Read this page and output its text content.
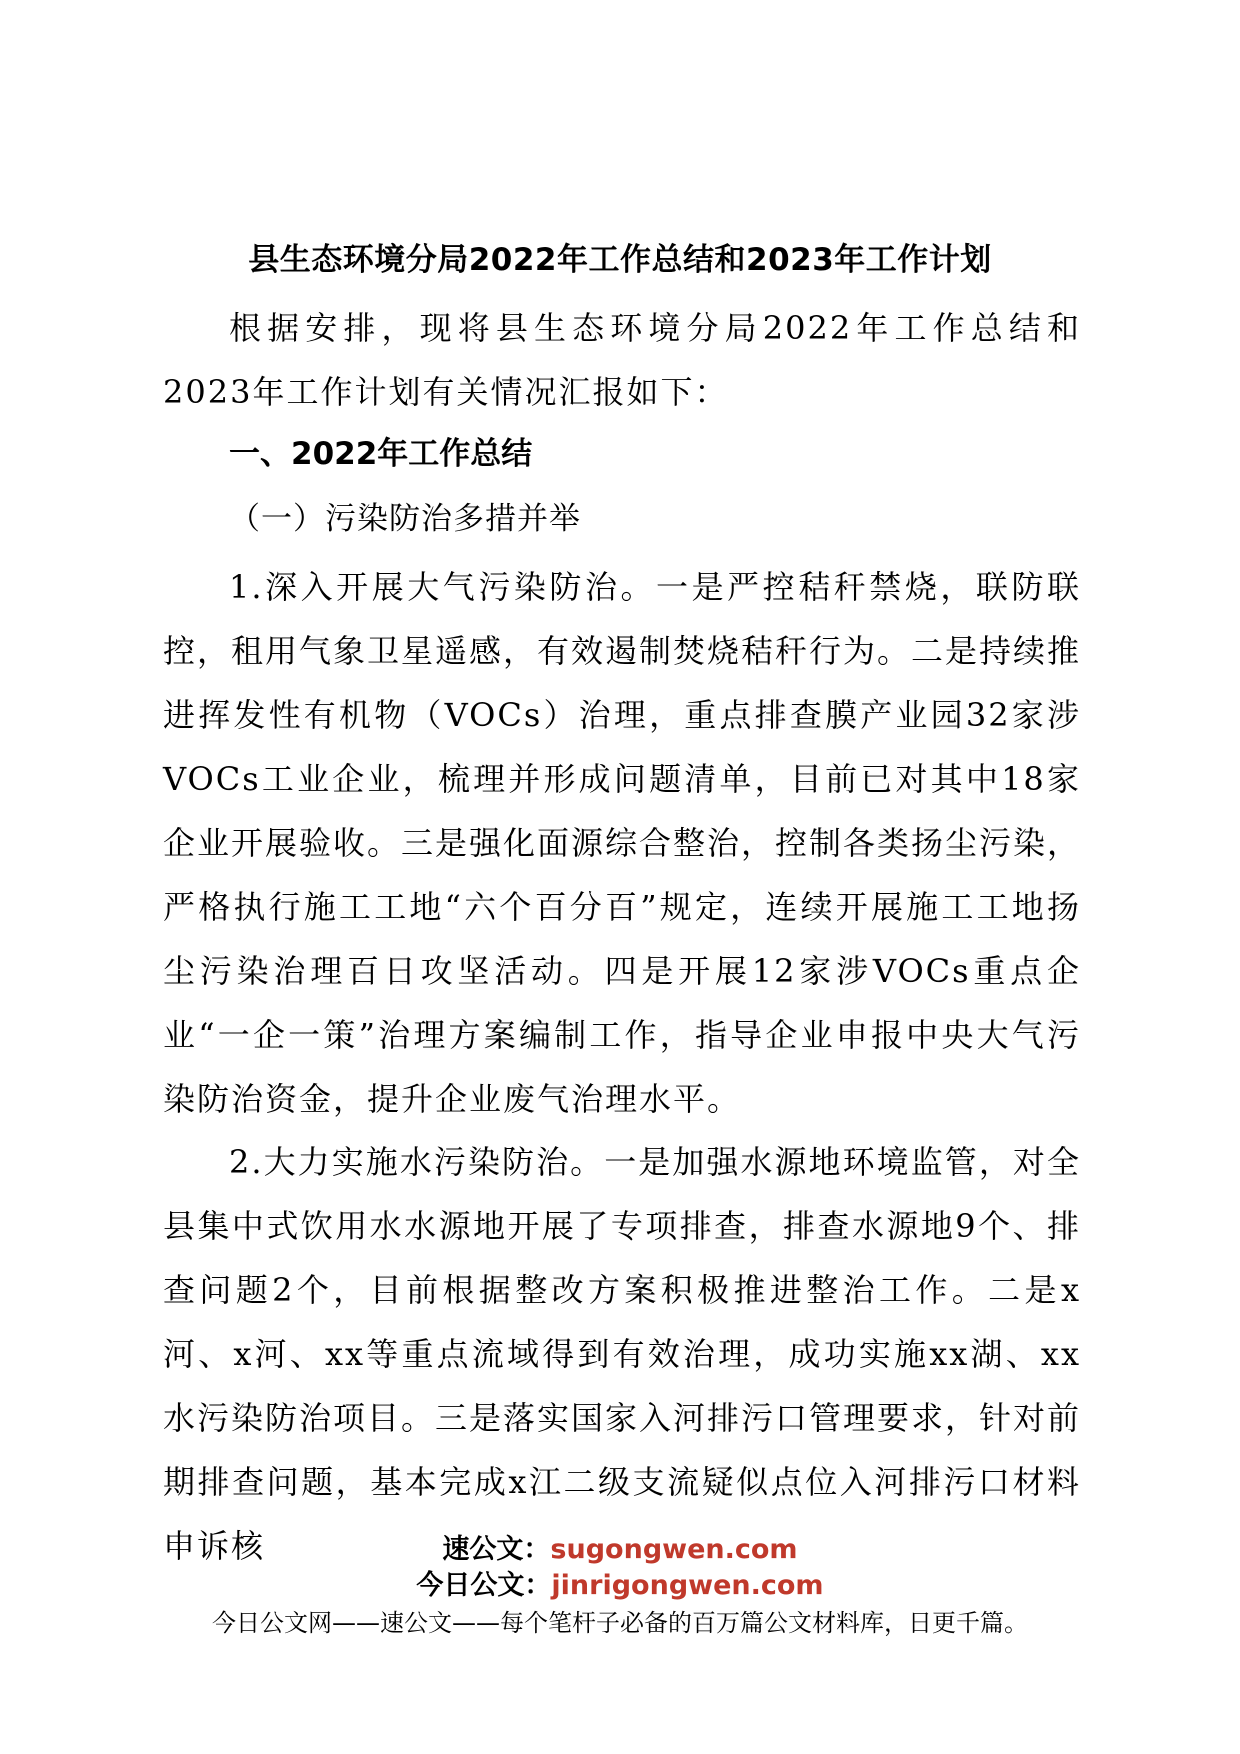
县生态环境分局2022年工作总结和2023年工作计划
根据安排，现将县生态环境分局2022年工作总结和2023年工作计划有关情况汇报如下：
一、2022年工作总结
（一）污染防治多措并举
1.深入开展大气污染防治。一是严控秸秆禁烧，联防联控，租用气象卫星遥感，有效遏制焚烧秸秆行为。二是持续推进挥发性有机物（VOCs）治理，重点排查膜产业园32家涉VOCs工业企业，梳理并形成问题清单，目前已对其中18家企业开展验收。三是强化面源综合整治，控制各类扬尘污染，严格执行施工工地“六个百分百”规定，连续开展施工工地扬尘污染治理百日攻坚活动。四是开展12家涉VOCs重点企业“一企一策”治理方案编制工作，指导企业申报中央大气污染防治资金，提升企业废气治理水平。
2.大力实施水污染防治。一是加强水源地环境监管，对全县集中式饮用水水源地开展了专项排查，排查水源地9个、排查问题2个，目前根据整改方案积极推进整治工作。二是x河、x河、xx等重点流域得到有效治理，成功实施xx湖、xx水污染防治项目。三是落实国家入河排污口管理要求，针对前期排查问题，基本完成x江二级支流疑似点位入河排污口材料申诉核	速公文：sugongwen.com
今日公文：jinrigongwen.com
今日公文网——速公文——每个笔杆子必备的百万篇公文材料库，日更千篇。
